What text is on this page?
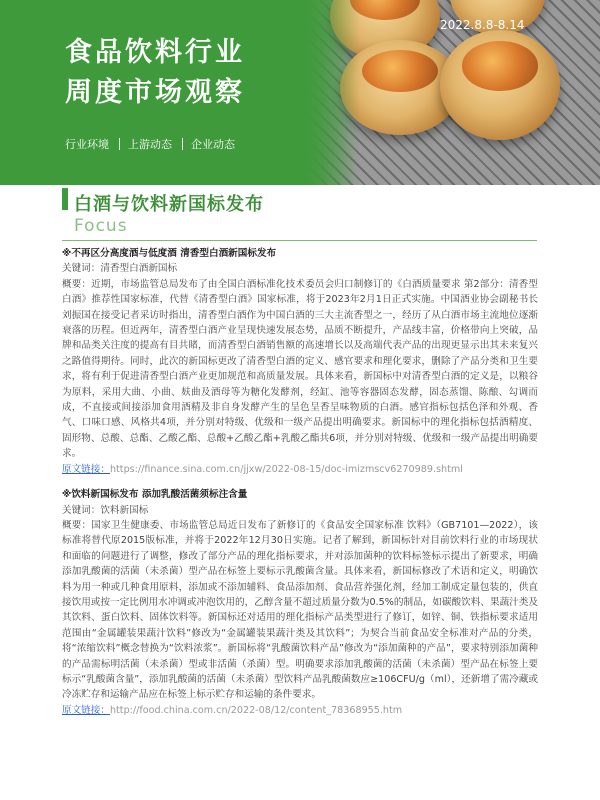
食品饮料行业
周度市场观察
2022.8.8-8.14
行业环境 上游动态 企业动态
白酒与饮料新国标发布
Focus
※不再区分高度酒与低度酒 清香型白酒新国标发布
关键词：清香型白酒新国标
概要：近期，市场监管总局发布了由全国白酒标准化技术委员会归口制修订的《白酒质量要求 第2部分：清香型白酒》推荐性国家标准，代替《清香型白酒》国家标准，将于2023年2月1日正式实施。中国酒业协会副秘书长刘振国在接受记者采访时指出，清香型白酒作为中国白酒的三大主流香型之一，经历了从白酒市场主流地位逐渐衰落的历程。但近两年，清香型白酒产业呈现快速发展态势，品质不断提升，产品线丰富，价格带向上突破，品牌和品类关注度的提高有目共睹，而清香型白酒销售额的高速增长以及高端代表产品的出现更显示出其未来复兴之路值得期待。同时，此次的新国标更改了清香型白酒的定义、感官要求和理化要求，删除了产品分类和卫生要求，将有利于促进清香型白酒产业更加规范和高质量发展。具体来看，新国标中对清香型白酒的定义是，以粮谷为原料，采用大曲、小曲、麸曲及酒母等为糖化发酵剂，经缸、池等容器固态发酵，固态蒸馏、陈酿、勾调而成，不直接或间接添加食用酒精及非自身发酵产生的呈色呈香呈味物质的白酒。感官指标包括色泽和外观、香气、口味口感、风格共4项，并分别对特级、优级和一级产品提出明确要求。新国标中的理化指标包括酒精度、固形物、总酸、总酯、乙酸乙酯、总酸+乙酸乙酯+乳酸乙酯共6项，并分别对特级、优级和一级产品提出明确要求。
原文链接：https://finance.sina.com.cn/jjxw/2022-08-15/doc-imizmscv6270989.shtml
※饮料新国标发布 添加乳酸活菌须标注含量
关键词：饮料新国标
概要：国家卫生健康委、市场监管总局近日发布了新修订的《食品安全国家标准 饮料》（GB7101—2022），该标准将替代原2015版标准，并将于2022年12月30日实施。记者了解到，新国标针对目前饮料行业的市场现状和面临的问题进行了调整，修改了部分产品的理化指标要求，并对添加菌种的饮料标签标示提出了新要求，明确添加乳酸菌的活菌（未杀菌）型产品在标签上要标示乳酸菌含量。具体来看，新国标修改了术语和定义，明确饮料为用一种或几种食用原料，添加或不添加辅料、食品添加剂、食品营养强化剂，经加工制成定量包装的，供直接饮用或按一定比例用水冲调或冲泡饮用的，乙醇含量不超过质量分数为0.5%的制品，如碳酸饮料、果蔬汁类及其饮料、蛋白饮料、固体饮料等。新国标还对适用的理化指标产品类型进行了修订，如锌、铜、铁指标要求适用范围由“金属罐装果蔬汁饮料”修改为“金属罐装果蔬汁类及其饮料”；为契合当前食品安全标准对产品的分类，将“浓缩饮料”概念替换为“饮料浓浆”。新国标将“乳酸菌饮料产品”修改为“添加菌种的产品”，要求特别添加菌种的产品需标明活菌（未杀菌）型或非活菌（杀菌）型。明确要求添加乳酸菌的活菌（未杀菌）型产品在标签上要标示“乳酸菌含量”，添加乳酸菌的活菌（未杀菌）型饮料产品乳酸菌数应≥106CFU/g（ml），还新增了需冷藏或冷冻贮存和运输产品应在标签上标示贮存和运输的条件要求。
原文链接：http://food.china.com.cn/2022-08/12/content_78368955.htm
